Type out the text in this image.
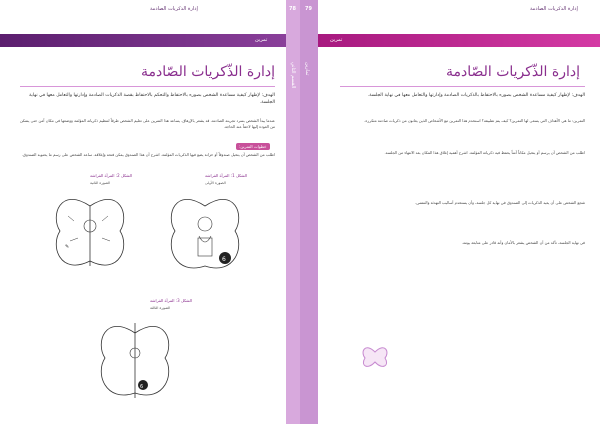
إدارة الذكريات الصادمة
تمرين
إدارة الذّكريات الصّادمة
الهدف: لإظهار كيفية مساعدة الشخص بصوره بالاحتفاظ والتحكم بالاحتفاظ بقصة الذكريات الصادمة وإدارتها والتعامل معها في نهاية الجلسة.
عندما يبدأ الشخص بسرد تجربته الصادمة، قد يشعر بالإرهاق. يساعد هذا التمرين على تعليم الشخص طرقاً لتنظيم ذكرياته المؤلمة ووضعها في مكان آمن حتى يتمكن من العودة إليها لاحقاً عند الحاجة.
خطوات التمرين:
اطلب من الشخص أن يتخيل صندوقاً أو خزانة يضع فيها الذكريات المؤلمة. اشرح أن هذا الصندوق يمكن فتحه وإغلاقه. ساعد الشخص على رسم ما يحتويه الصندوق.
الشكل 1: المرأة الفراشة
الصورة الأولى
الشكل 2: المرأة الفراشة
الصورة الثانية
الشكل 3: المرأة الفراشة
الصورة الثالثة
✎
6
6
78 79
القسم الثاني تمارين
إدارة الذكريات الصادمة
تمرين
إدارة الذّكريات الصّادمة
الهدف: لإظهار كيفية مساعدة الشخص بصوره بالاحتفاظ بالذكريات الصادمة وإدارتها والتعامل معها في نهاية الجلسة.
التمرين: ما هي الأهداف التي يسعى لها التمرين؟ كيف يتم تطبيقه؟ استخدم هذا التمرين مع الأشخاص الذين يعانون من ذكريات صادمة متكررة.
اطلب من الشخص أن يرسم أو يتخيل مكاناً آمناً يحفظ فيه ذكرياته المؤلمة. اشرح أهمية إغلاق هذا المكان بعد الانتهاء من الجلسة.
شجع الشخص على أن يعيد الذكريات إلى الصندوق في نهاية كل جلسة، وأن يستخدم أساليب التهدئة والتنفس.
في نهاية الجلسة، تأكد من أن الشخص يشعر بالأمان وأنه قادر على متابعة يومه.
